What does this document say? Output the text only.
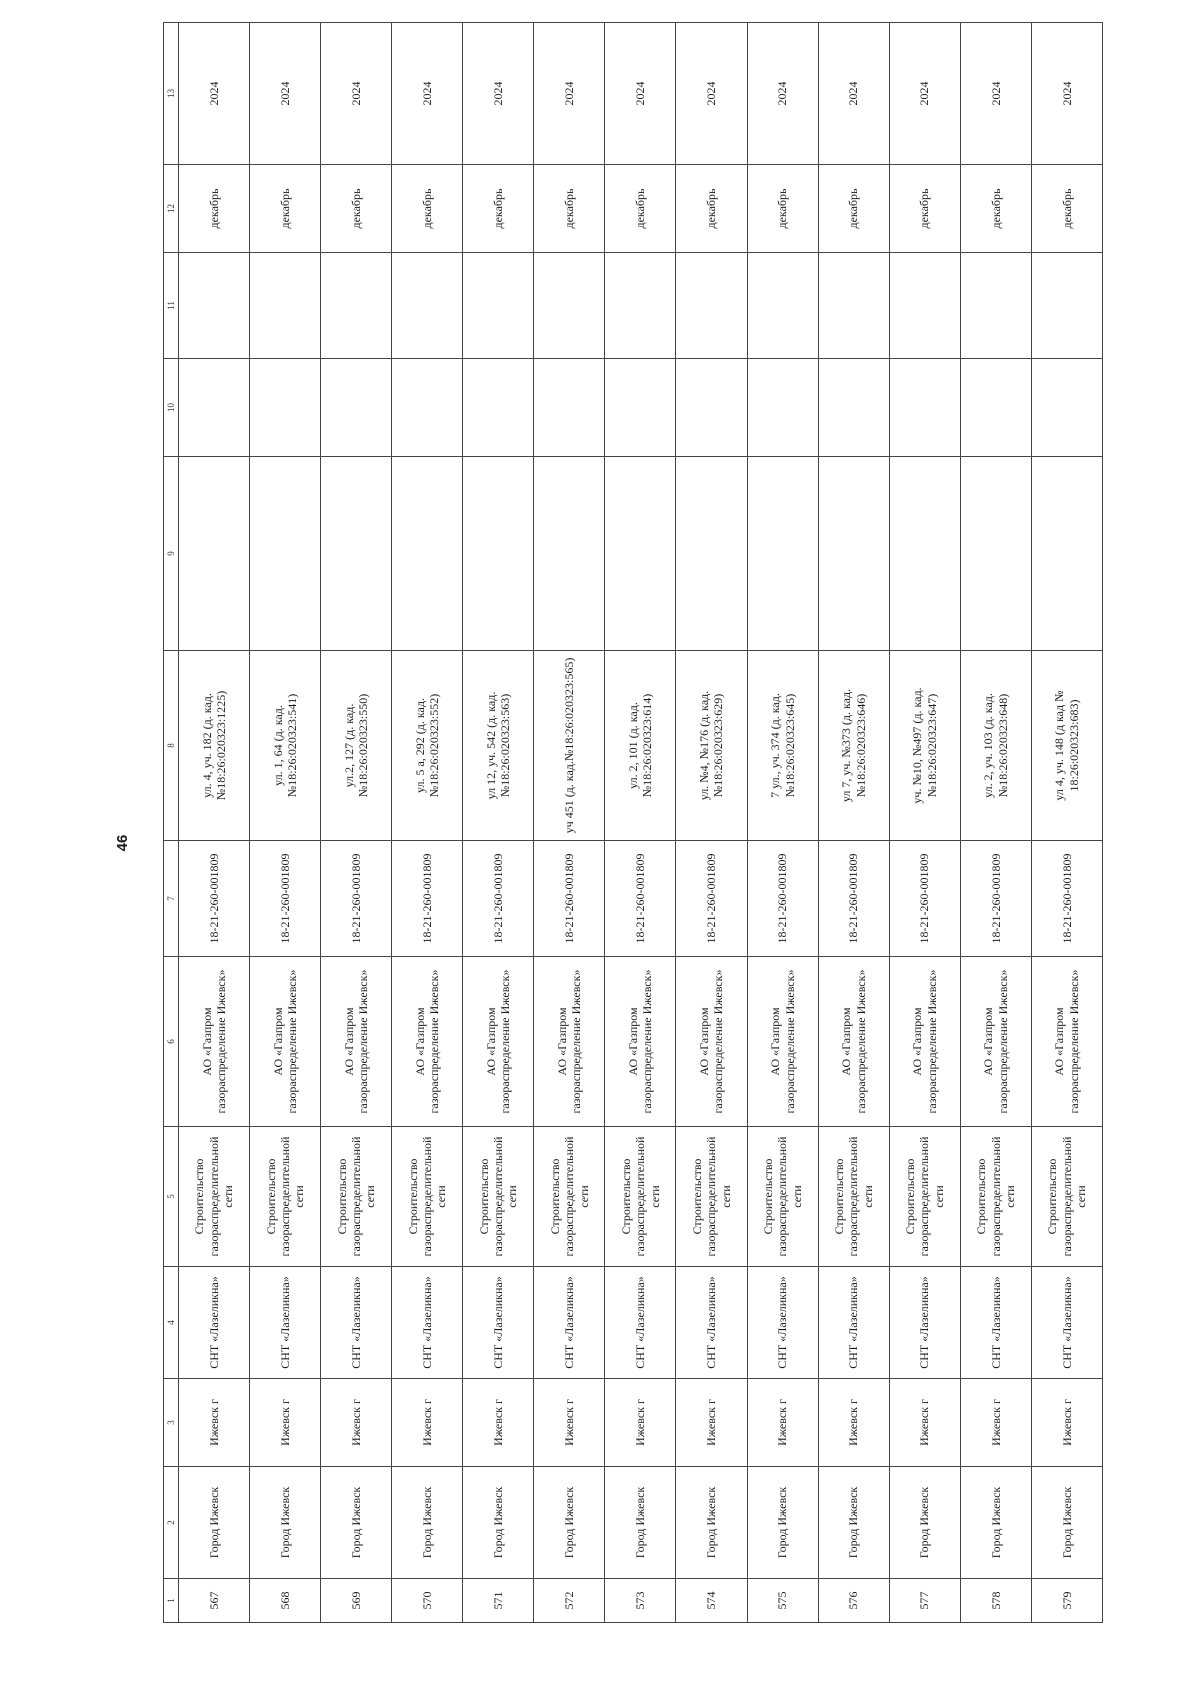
46
1	2	3	4	5	6	7	8	9	10	11	12	13
567	Город Ижевск	Ижевск г	СНТ «Лазеликна»	Строительство газораспределительной сети	АО «Газпром газораспределение Ижевск»	18-21-260-001809	ул. 4, уч. 182 (д. кад.№18:26:020323:1225)				декабрь	2024
568	Город Ижевск	Ижевск г	СНТ «Лазеликна»	Строительство газораспределительной сети	АО «Газпром газораспределение Ижевск»	18-21-260-001809	ул. 1, 64 (д. кад.№18:26:020323:541)				декабрь	2024
569	Город Ижевск	Ижевск г	СНТ «Лазеликна»	Строительство газораспределительной сети	АО «Газпром газораспределение Ижевск»	18-21-260-001809	ул.2, 127 (д. кад.№18:26:020323:550)				декабрь	2024
570	Город Ижевск	Ижевск г	СНТ «Лазеликна»	Строительство газораспределительной сети	АО «Газпром газораспределение Ижевск»	18-21-260-001809	ул. 5 а, 292 (д. кад.№18:26:020323:552)				декабрь	2024
571	Город Ижевск	Ижевск г	СНТ «Лазеликна»	Строительство газораспределительной сети	АО «Газпром газораспределение Ижевск»	18-21-260-001809	ул 12, уч. 542 (д. кад.№18:26:020323:563)				декабрь	2024
572	Город Ижевск	Ижевск г	СНТ «Лазеликна»	Строительство газораспределительной сети	АО «Газпром газораспределение Ижевск»	18-21-260-001809	уч 451 (д. кад.№18:26:020323:565)				декабрь	2024
573	Город Ижевск	Ижевск г	СНТ «Лазеликна»	Строительство газораспределительной сети	АО «Газпром газораспределение Ижевск»	18-21-260-001809	ул. 2, 101 (д. кад.№18:26:020323:614)				декабрь	2024
574	Город Ижевск	Ижевск г	СНТ «Лазеликна»	Строительство газораспределительной сети	АО «Газпром газораспределение Ижевск»	18-21-260-001809	ул. №4, №176 (д. кад.№18:26:020323:629)				декабрь	2024
575	Город Ижевск	Ижевск г	СНТ «Лазеликна»	Строительство газораспределительной сети	АО «Газпром газораспределение Ижевск»	18-21-260-001809	7 ул., уч. 374 (д. кад.№18:26:020323:645)				декабрь	2024
576	Город Ижевск	Ижевск г	СНТ «Лазеликна»	Строительство газораспределительной сети	АО «Газпром газораспределение Ижевск»	18-21-260-001809	ул 7, уч. №373 (д. кад.№18:26:020323:646)				декабрь	2024
577	Город Ижевск	Ижевск г	СНТ «Лазеликна»	Строительство газораспределительной сети	АО «Газпром газораспределение Ижевск»	18-21-260-001809	уч. №10, №497 (д. кад.№18:26:020323:647)				декабрь	2024
578	Город Ижевск	Ижевск г	СНТ «Лазеликна»	Строительство газораспределительной сети	АО «Газпром газораспределение Ижевск»	18-21-260-001809	ул. 2, уч. 103 (д. кад.№18:26:020323:648)				декабрь	2024
579	Город Ижевск	Ижевск г	СНТ «Лазеликна»	Строительство газораспределительной сети	АО «Газпром газораспределение Ижевск»	18-21-260-001809	ул 4, уч. 148 (д кад № 18:26:020323:683)				декабрь	2024
